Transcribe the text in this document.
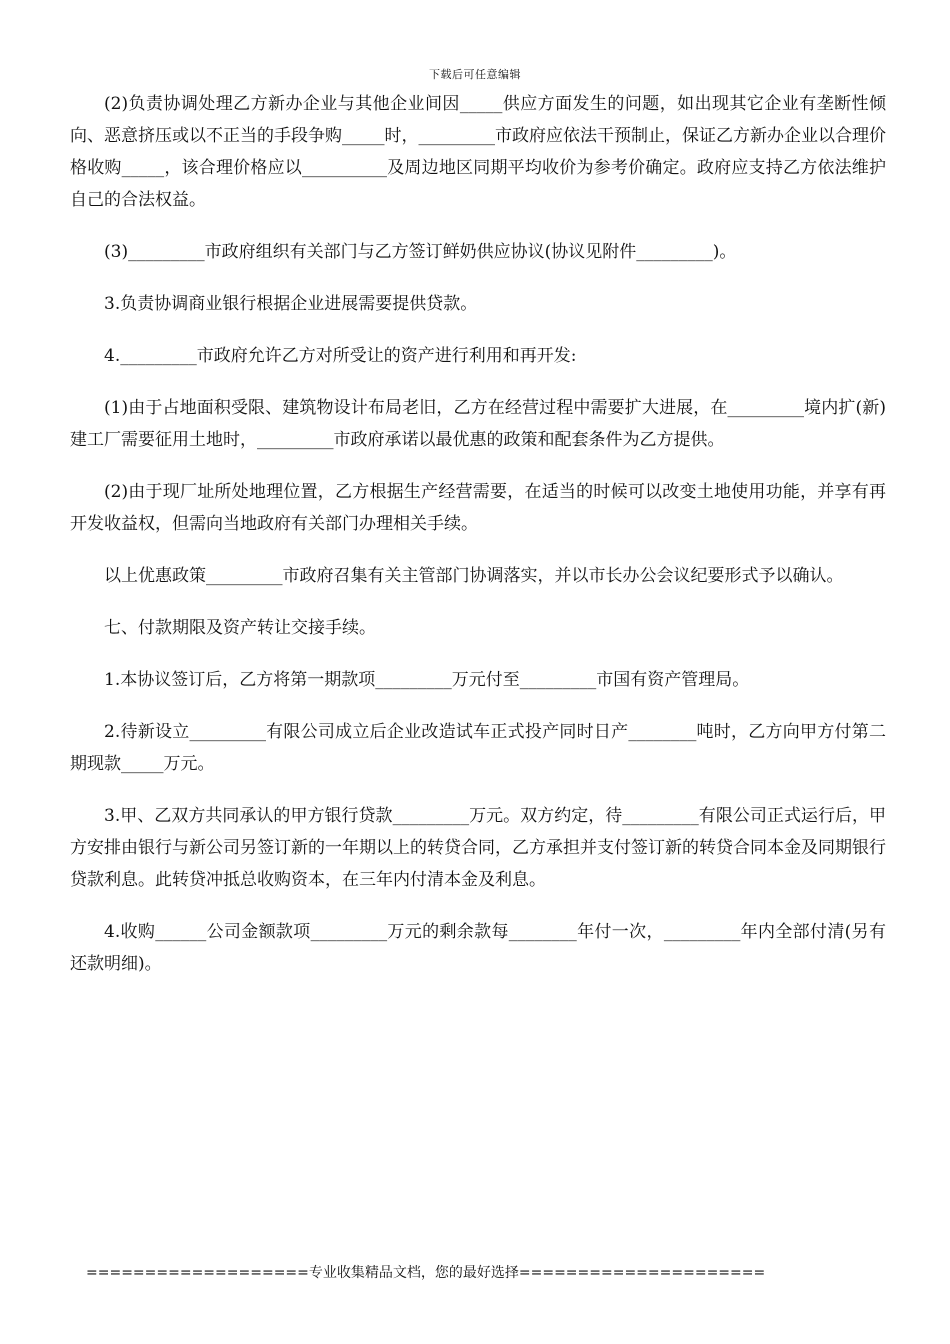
下载后可任意编辑

(2)负责协调处理乙方新办企业与其他企业间因_____供应方面发生的问题，如出现其它企业有垄断性倾向、恶意挤压或以不正当的手段争购_____时，_________市政府应依法干预制止，保证乙方新办企业以合理价格收购_____，该合理价格应以__________及周边地区同期平均收价为参考价确定。政府应支持乙方依法维护自己的合法权益。

(3)_________市政府组织有关部门与乙方签订鲜奶供应协议(协议见附件_________)。

3.负责协调商业银行根据企业进展需要提供贷款。

4._________市政府允许乙方对所受让的资产进行利用和再开发:

(1)由于占地面积受限、建筑物设计布局老旧，乙方在经营过程中需要扩大进展，在_________境内扩(新)建工厂需要征用土地时，_________市政府承诺以最优惠的政策和配套条件为乙方提供。

(2)由于现厂址所处地理位置，乙方根据生产经营需要，在适当的时候可以改变土地使用功能，并享有再开发收益权，但需向当地政府有关部门办理相关手续。

以上优惠政策_________市政府召集有关主管部门协调落实，并以市长办公会议纪要形式予以确认。

七、付款期限及资产转让交接手续。

1.本协议签订后，乙方将第一期款项_________万元付至_________市国有资产管理局。

2.待新设立_________有限公司成立后企业改造试车正式投产同时日产________吨时，乙方向甲方付第二期现款_____万元。

3.甲、乙双方共同承认的甲方银行贷款_________万元。双方约定，待_________有限公司正式运行后，甲方安排由银行与新公司另签订新的一年期以上的转贷合同，乙方承担并支付签订新的转贷合同本金及同期银行贷款利息。此转贷冲抵总收购资本，在三年内付清本金及利息。

4.收购______公司金额款项_________万元的剩余款每________年付一次，_________年内全部付清(另有还款明细)。

===================专业收集精品文档，您的最好选择=====================
